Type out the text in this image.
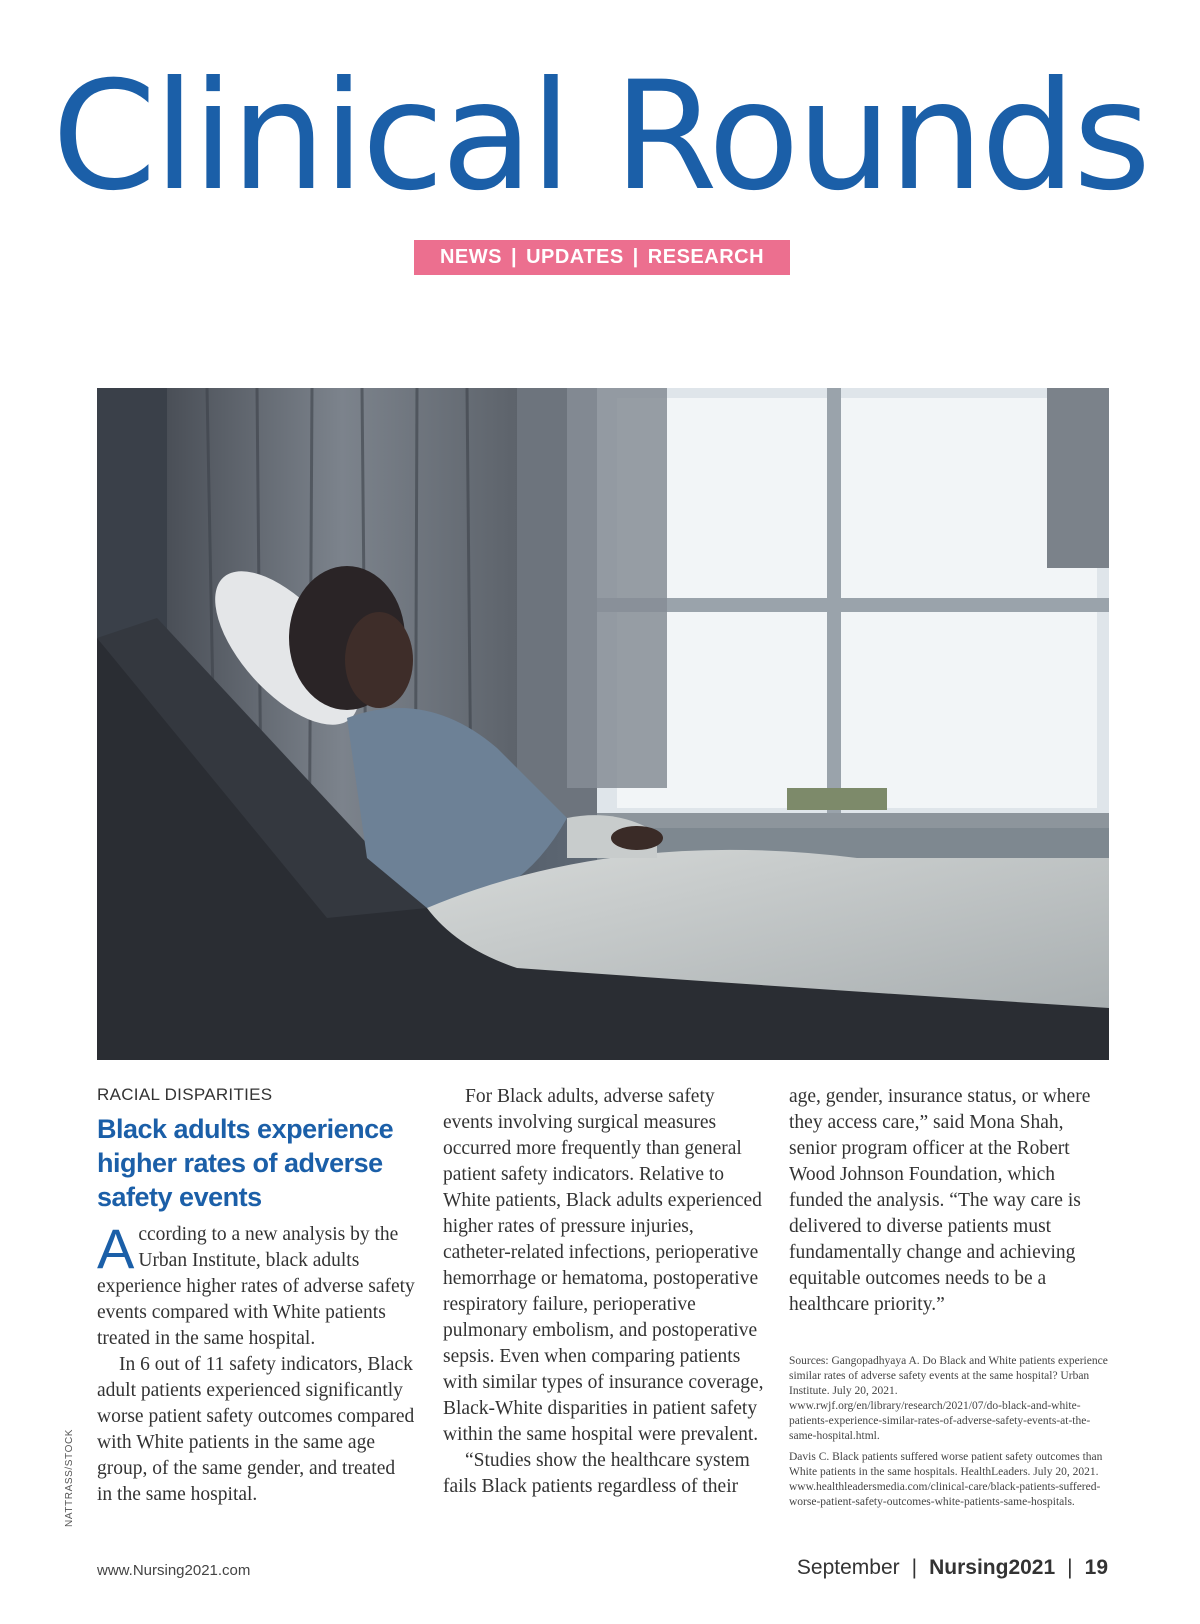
Clinical Rounds
NEWS | UPDATES | RESEARCH
NATTRASS/STOCK
RACIAL DISPARITIES
Black adults experience higher rates of adverse safety events

According to a new analysis by the Urban Institute, black adults experience higher rates of adverse safety events compared with White patients treated in the same hospital.

In 6 out of 11 safety indicators, Black adult patients experienced significantly worse patient safety outcomes compared with White patients in the same age group, of the same gender, and treated in the same hospital.

For Black adults, adverse safety events involving surgical measures occurred more frequently than general patient safety indicators. Relative to White patients, Black adults experienced higher rates of pressure injuries, catheter-related infections, perioperative hemorrhage or hematoma, postoperative respiratory failure, perioperative pulmonary embolism, and postoperative sepsis. Even when comparing patients with similar types of insurance coverage, Black-White disparities in patient safety within the same hospital were prevalent.

“Studies show the healthcare system fails Black patients regardless of their

age, gender, insurance status, or where they access care,” said Mona Shah, senior program officer at the Robert Wood Johnson Foundation, which funded the analysis. “The way care is delivered to diverse patients must fundamentally change and achieving equitable outcomes needs to be a healthcare priority.”

Sources: Gangopadhyaya A. Do Black and White patients experience similar rates of adverse safety events at the same hospital? Urban Institute. July 20, 2021. www.rwjf.org/en/library/research/2021/07/do-black-and-white-patients-experience-similar-rates-of-adverse-safety-events-at-the-same-hospital.html.

Davis C. Black patients suffered worse patient safety outcomes than White patients in the same hospitals. HealthLeaders. July 20, 2021. www.healthleadersmedia.com/clinical-care/black-patients-suffered-worse-patient-safety-outcomes-white-patients-same-hospitals.

www.Nursing2021.com	September | Nursing2021 | 19
